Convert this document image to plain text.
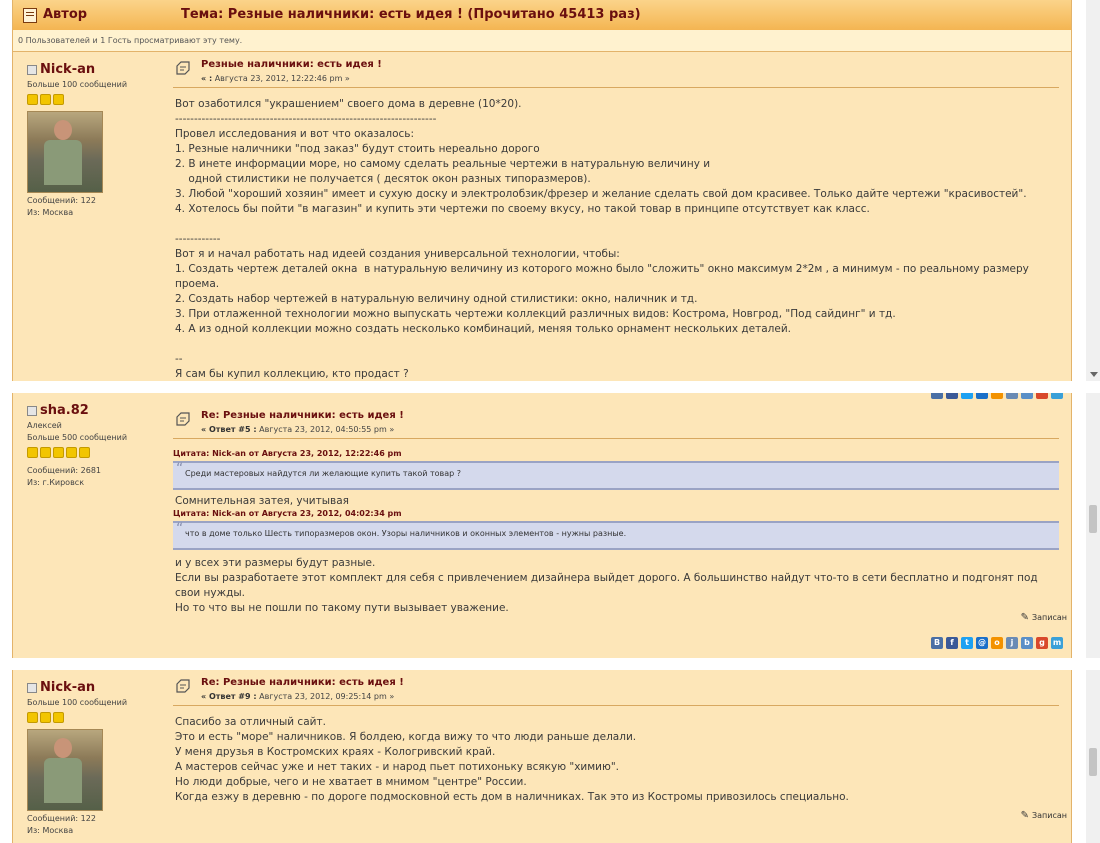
Автор	Тема: Резные наличники: есть идея ! (Прочитано 45413 раз)
0 Пользователей и 1 Гость просматривают эту тему.
Nick-an
Больше 100 сообщений
Сообщений: 122
Из: Москва
Резные наличники: есть идея !
« : Августа 23, 2012, 12:22:46 pm »
Вот озаботился "украшением" своего дома в деревне (10*20).
---------------------------------------------------------------------
Провел исследования и вот что оказалось:
1. Резные наличники "под заказ" будут стоить нереально дорого
2. В инете информации море, но самому сделать реальные чертежи в натуральную величину и
одной стилистики не получается ( десяток окон разных типоразмеров).
3. Любой "хороший хозяин" имеет и сухую доску и электролобзик/фрезер и желание сделать свой дом красивее. Только дайте чертежи "красивостей".
4. Хотелось бы пойти "в магазин" и купить эти чертежи по своему вкусу, но такой товар в принципе отсутствует как класс.

------------
Вот я и начал работать над идеей создания универсальной технологии, чтобы:
1. Создать чертеж деталей окна  в натуральную величину из которого можно было "сложить" окно максимум 2*2м , а минимум - по реальному размеру проема.
2. Создать набор чертежей в натуральную величину одной стилистики: окно, наличник и тд.
3. При отлаженной технологии можно выпускать чертежи коллекций различных видов: Кострома, Новгрод, "Под сайдинг" и тд.
4. А из одной коллекции можно создать несколько комбинаций, меняя только орнамент нескольких деталей.

--
Я сам бы купил коллекцию, кто продаст ?

sha.82
Алексей
Больше 500 сообщений
Сообщений: 2681
Из: г.Кировск
Re: Резные наличники: есть идея !
« Ответ #5 : Августа 23, 2012, 04:50:55 pm »
Цитата: Nick-an от Августа 23, 2012, 12:22:46 pm
“ Среди мастеровых найдутся ли желающие купить такой товар ?
Сомнительная затея, учитывая
Цитата: Nick-an от Августа 23, 2012, 04:02:34 pm
“ что в доме только Шесть типоразмеров окон. Узоры наличников и оконных элементов - нужны разные.
и у всех эти размеры будут разные.
Если вы разработаете этот комплект для себя с привлечением дизайнера выйдет дорого. А большинство найдут что-то в сети бесплатно и подгонят под свои нужды.
Но то что вы не пошли по такому пути вызывает уважение.
✎ Записан
B	f	t	@	o	j	b	g m
Nick-an
Больше 100 сообщений
Сообщений: 122
Из: Москва
Re: Резные наличники: есть идея !
« Ответ #9 : Августа 23, 2012, 09:25:14 pm »
Спасибо за отличный сайт.
Это и есть "море" наличников. Я болдею, когда вижу то что люди раньше делали.
У меня друзья в Костромских краях - Кологривский край.
А мастеров сейчас уже и нет таких - и народ пьет потихоньку всякую "химию".
Но люди добрые, чего и не хватает в мнимом "центре" России.
Когда езжу в деревню - по дороге подмосковной есть дом в наличниках. Так это из Костромы привозилось специально.
✎ Записан
